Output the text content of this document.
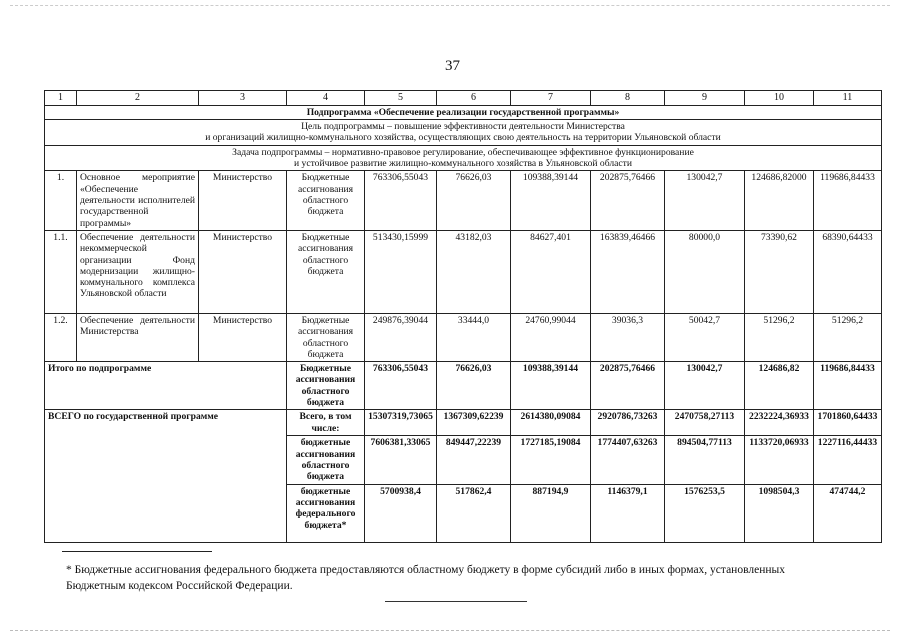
37
1	2	3	4	5	6	7	8	9	10	11
Подпрограмма «Обеспечение реализации государственной программы»										
Цель подпрограммы – повышение эффективности деятельности Министерства
и организаций жилищно-коммунального хозяйства, осуществляющих свою деятельность на территории Ульяновской области										
Задача подпрограммы – нормативно-правовое регулирование, обеспечивающее эффективное функционирование
и устойчивое развитие жилищно-коммунального хозяйства в Ульяновской области										
1.	Основное мероприятие «Обеспечение деятельности исполнителей государственной программы»	Министерство	Бюджетные ассигнования областного бюджета	763306,55043	76626,03	109388,39144	202875,76466	130042,7	124686,82000	119686,84433
1.1.	Обеспечение деятельности некоммерческой организации Фонд модернизации жилищно-коммунального комплекса Ульяновской области	Министерство	Бюджетные ассигнования областного бюджета	513430,15999	43182,03	84627,401	163839,46466	80000,0	73390,62	68390,64433
1.2.	Обеспечение деятельности Министерства	Министерство	Бюджетные ассигнования областного бюджета	249876,39044	33444,0	24760,99044	39036,3	50042,7	51296,2	51296,2
Итого по подпрограмме			Бюджетные ассигнования областного бюджета	763306,55043	76626,03	109388,39144	202875,76466	130042,7	124686,82	119686,84433
ВСЕГО по государственной программе			Всего, в том числе:	15307319,73065	1367309,62239	2614380,09084	2920786,73263	2470758,27113	2232224,36933	1701860,64433
			бюджетные ассигнования областного бюджета	7606381,33065	849447,22239	1727185,19084	1774407,63263	894504,77113	1133720,06933	1227116,44433
			бюджетные ассигнования федерального бюджета*	5700938,4	517862,4	887194,9	1146379,1	1576253,5	1098504,3	474744,2
* Бюджетные ассигнования федерального бюджета предоставляются областному бюджету в форме субсидий либо в иных формах, установленных Бюджетным кодексом Российской Федерации.
